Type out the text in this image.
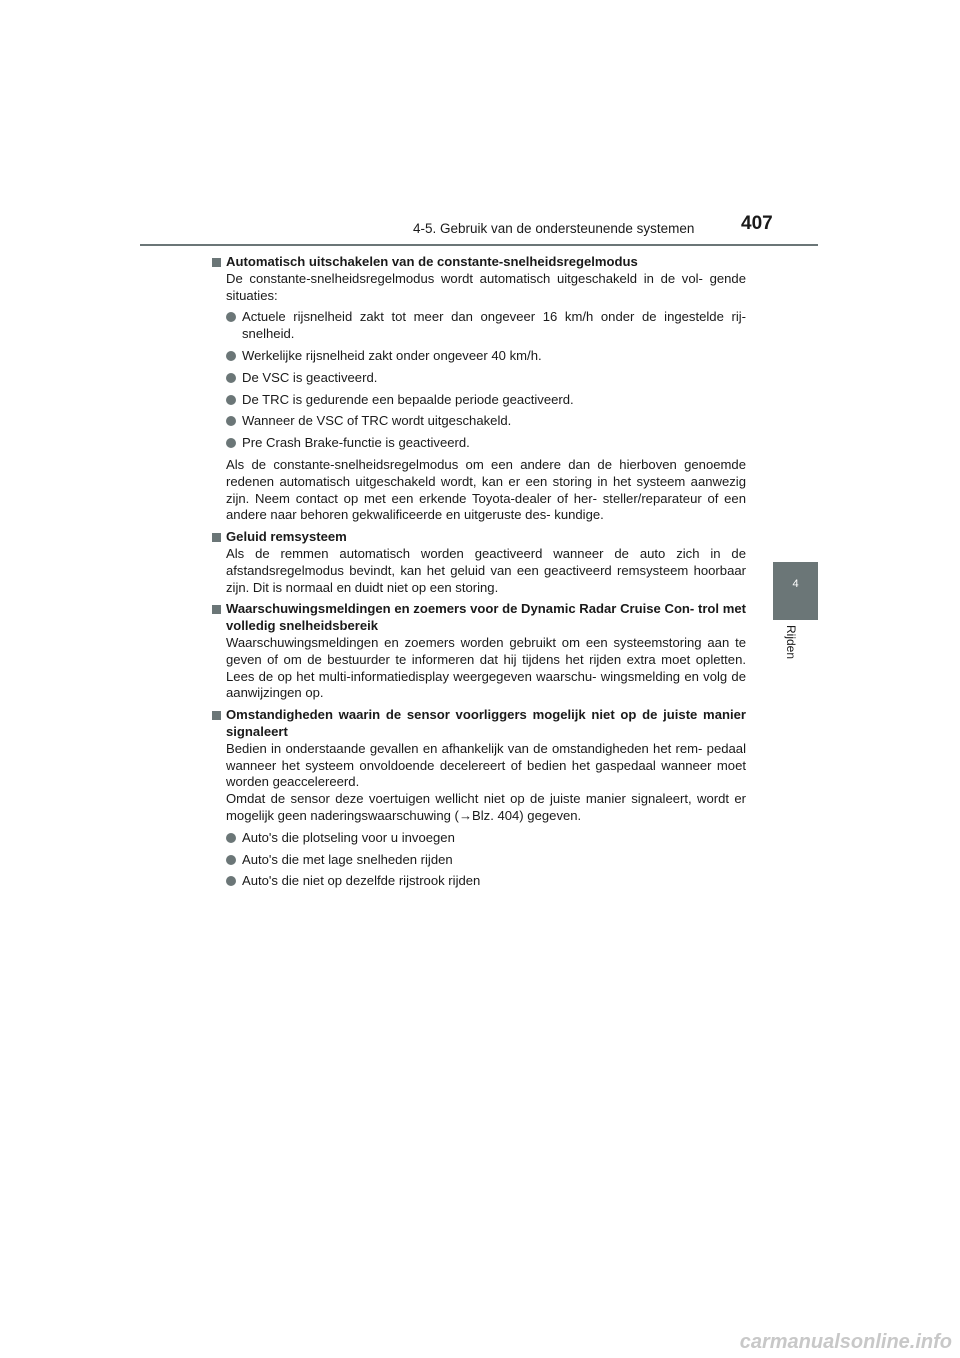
4-5. Gebruik van de ondersteunende systemen 407
4
Rijden
Automatisch uitschakelen van de constante-snelheidsregelmodus
De constante-snelheidsregelmodus wordt automatisch uitgeschakeld in de vol- gende situaties:
Actuele rijsnelheid zakt tot meer dan ongeveer 16 km/h onder de ingestelde rij- snelheid.
Werkelijke rijsnelheid zakt onder ongeveer 40 km/h.
De VSC is geactiveerd.
De TRC is gedurende een bepaalde periode geactiveerd.
Wanneer de VSC of TRC wordt uitgeschakeld.
Pre Crash Brake-functie is geactiveerd.
Als de constante-snelheidsregelmodus om een andere dan de hierboven genoemde redenen automatisch uitgeschakeld wordt, kan er een storing in het systeem aanwezig zijn. Neem contact op met een erkende Toyota-dealer of her- steller/reparateur of een andere naar behoren gekwalificeerde en uitgeruste des- kundige.
Geluid remsysteem
Als de remmen automatisch worden geactiveerd wanneer de auto zich in de afstandsregelmodus bevindt, kan het geluid van een geactiveerd remsysteem hoorbaar zijn. Dit is normaal en duidt niet op een storing.
Waarschuwingsmeldingen en zoemers voor de Dynamic Radar Cruise Con- trol met volledig snelheidsbereik
Waarschuwingsmeldingen en zoemers worden gebruikt om een systeemstoring aan te geven of om de bestuurder te informeren dat hij tijdens het rijden extra moet opletten. Lees de op het multi-informatiedisplay weergegeven waarschu- wingsmelding en volg de aanwijzingen op.
Omstandigheden waarin de sensor voorliggers mogelijk niet op de juiste manier signaleert
Bedien in onderstaande gevallen en afhankelijk van de omstandigheden het rem- pedaal wanneer het systeem onvoldoende decelereert of bedien het gaspedaal wanneer moet worden geaccelereerd.
Omdat de sensor deze voertuigen wellicht niet op de juiste manier signaleert, wordt er mogelijk geen naderingswaarschuwing (→Blz. 404) gegeven.
Auto's die plotseling voor u invoegen
Auto's die met lage snelheden rijden
Auto's die niet op dezelfde rijstrook rijden
carmanualsonline.info
